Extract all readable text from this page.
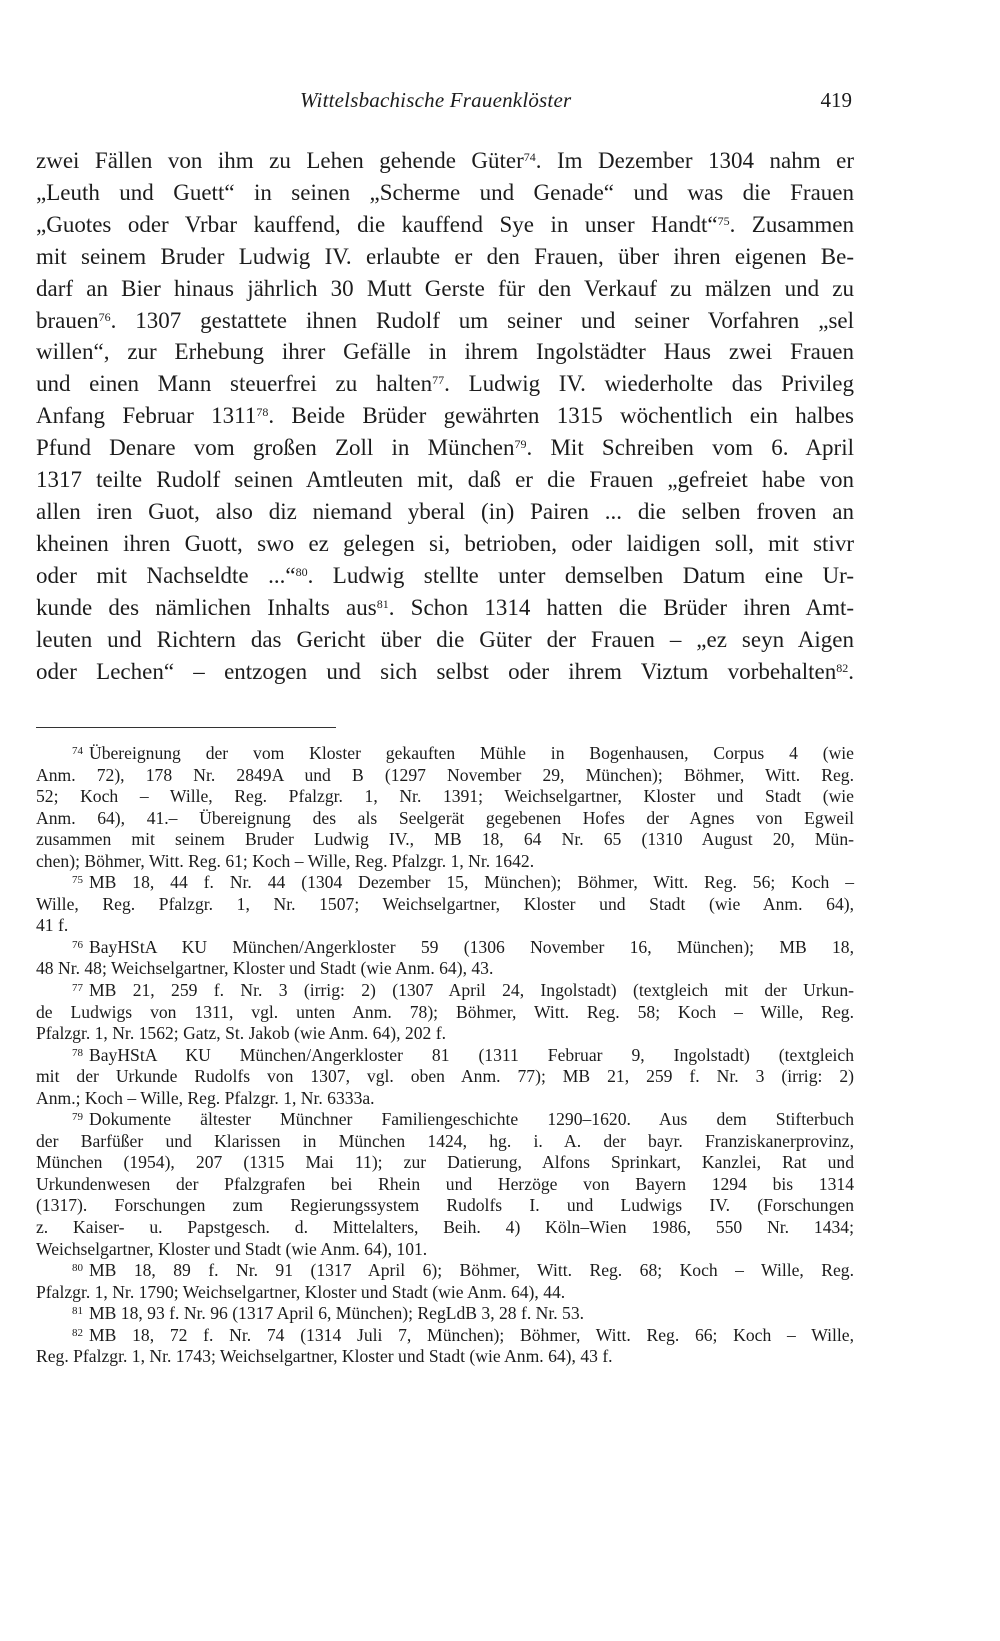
Wittelsbachische Frauenklöster	419
zwei Fällen von ihm zu Lehen gehende Güter$^{74}$. Im Dezember 1304 nahm er
„Leuth und Guett“ in seinen „Scherme und Genade“ und was die Frauen
„Guotes oder Vrbar kauffend, die kauffend Sye in unser Handt“$^{75}$. Zusammen
mit seinem Bruder Ludwig IV. erlaubte er den Frauen, über ihren eigenen Be-
darf an Bier hinaus jährlich 30 Mutt Gerste für den Verkauf zu mälzen und zu
brauen$^{76}$. 1307 gestattete ihnen Rudolf um seiner und seiner Vorfahren „sel
willen“, zur Erhebung ihrer Gefälle in ihrem Ingolstädter Haus zwei Frauen
und einen Mann steuerfrei zu halten$^{77}$. Ludwig IV. wiederholte das Privileg
Anfang Februar 1311$^{78}$. Beide Brüder gewährten 1315 wöchentlich ein halbes
Pfund Denare vom großen Zoll in München$^{79}$. Mit Schreiben vom 6. April
1317 teilte Rudolf seinen Amtleuten mit, daß er die Frauen „gefreiet habe von
allen iren Guot, also diz niemand yberal (in) Pairen ... die selben froven an
kheinen ihren Guott, swo ez gelegen si, betrioben, oder laidigen soll, mit stivr
oder mit Nachseldte ...“$^{80}$. Ludwig stellte unter demselben Datum eine Ur-
kunde des nämlichen Inhalts aus$^{81}$. Schon 1314 hatten die Brüder ihren Amt-
leuten und Richtern das Gericht über die Güter der Frauen – „ez seyn Aigen
oder Lechen“ – entzogen und sich selbst oder ihrem Viztum vorbehalten$^{82}$.
$^{74}$ Übereignung der vom Kloster gekauften Mühle in Bogenhausen, Corpus 4 (wie
Anm. 72), 178 Nr. 2849A und B (1297 November 29, München); Böhmer, Witt. Reg.
52; Koch – Wille, Reg. Pfalzgr. 1, Nr. 1391; Weichselgartner, Kloster und Stadt (wie
Anm. 64), 41.– Übereignung des als Seelgerät gegebenen Hofes der Agnes von Egweil
zusammen mit seinem Bruder Ludwig IV., MB 18, 64 Nr. 65 (1310 August 20, Mün-
chen); Böhmer, Witt. Reg. 61; Koch – Wille, Reg. Pfalzgr. 1, Nr. 1642.
$^{75}$ MB 18, 44 f. Nr. 44 (1304 Dezember 15, München); Böhmer, Witt. Reg. 56; Koch –
Wille, Reg. Pfalzgr. 1, Nr. 1507; Weichselgartner, Kloster und Stadt (wie Anm. 64),
41 f.
$^{76}$ BayHStA KU München/Angerkloster 59 (1306 November 16, München); MB 18,
48 Nr. 48; Weichselgartner, Kloster und Stadt (wie Anm. 64), 43.
$^{77}$ MB 21, 259 f. Nr. 3 (irrig: 2) (1307 April 24, Ingolstadt) (textgleich mit der Urkun-
de Ludwigs von 1311, vgl. unten Anm. 78); Böhmer, Witt. Reg. 58; Koch – Wille, Reg.
Pfalzgr. 1, Nr. 1562; Gatz, St. Jakob (wie Anm. 64), 202 f.
$^{78}$ BayHStA KU München/Angerkloster 81 (1311 Februar 9, Ingolstadt) (textgleich
mit der Urkunde Rudolfs von 1307, vgl. oben Anm. 77); MB 21, 259 f. Nr. 3 (irrig: 2)
Anm.; Koch – Wille, Reg. Pfalzgr. 1, Nr. 6333a.
$^{79}$ Dokumente ältester Münchner Familiengeschichte 1290–1620. Aus dem Stifterbuch
der Barfüßer und Klarissen in München 1424, hg. i. A. der bayr. Franziskanerprovinz,
München (1954), 207 (1315 Mai 11); zur Datierung, Alfons Sprinkart, Kanzlei, Rat und
Urkundenwesen der Pfalzgrafen bei Rhein und Herzöge von Bayern 1294 bis 1314
(1317). Forschungen zum Regierungssystem Rudolfs I. und Ludwigs IV. (Forschungen
z. Kaiser- u. Papstgesch. d. Mittelalters, Beih. 4) Köln–Wien 1986, 550 Nr. 1434;
Weichselgartner, Kloster und Stadt (wie Anm. 64), 101.
$^{80}$ MB 18, 89 f. Nr. 91 (1317 April 6); Böhmer, Witt. Reg. 68; Koch – Wille, Reg.
Pfalzgr. 1, Nr. 1790; Weichselgartner, Kloster und Stadt (wie Anm. 64), 44.
$^{81}$ MB 18, 93 f. Nr. 96 (1317 April 6, München); RegLdB 3, 28 f. Nr. 53.
$^{82}$ MB 18, 72 f. Nr. 74 (1314 Juli 7, München); Böhmer, Witt. Reg. 66; Koch – Wille,
Reg. Pfalzgr. 1, Nr. 1743; Weichselgartner, Kloster und Stadt (wie Anm. 64), 43 f.
